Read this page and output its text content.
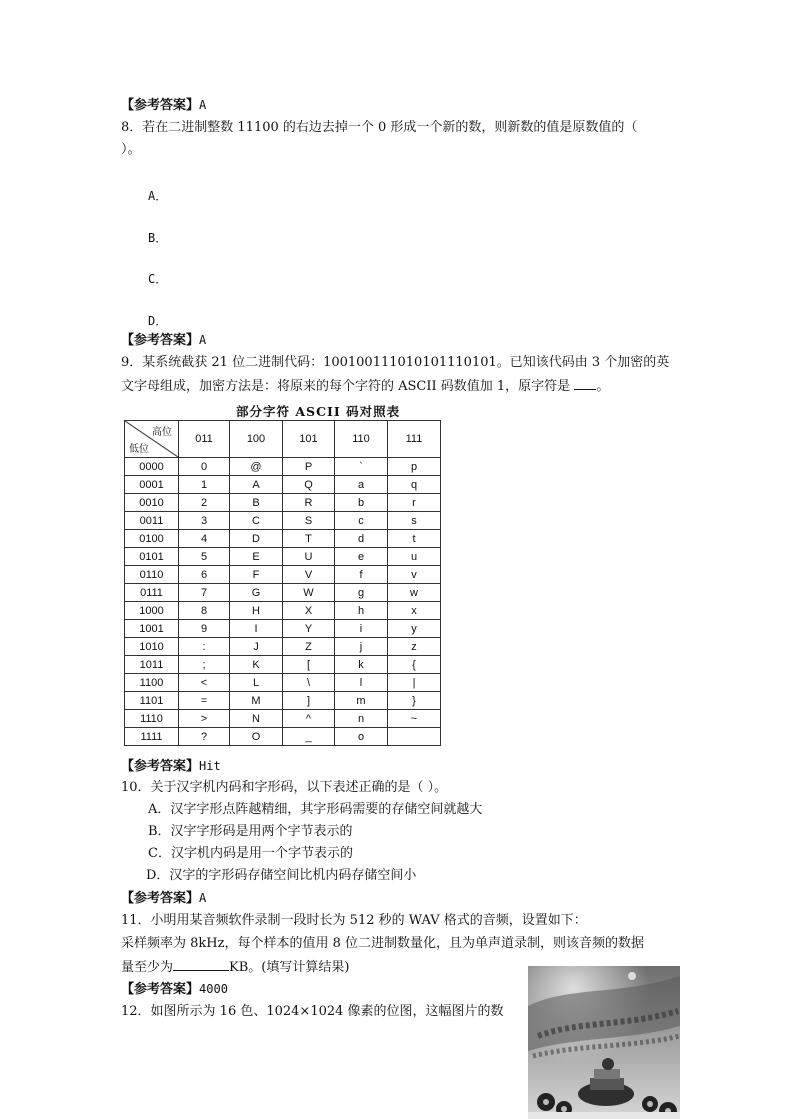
【参考答案】A
8．若在二进制整数 11100 的右边去掉一个 0 形成一个新的数，则新数的值是原数值的（
）。
A．
B．
C．
D．
【参考答案】A
9．某系统截获 21 位二进制代码：100100111010101110101。已知该代码由 3 个加密的英
文字母组成，加密方法是：将原来的每个字符的 ASCII 码数值加 1，原字符是 。
部分字符 ASCII 码对照表
高位
低位	011	100	101	110	111
0000	0	@	P	`	p
0001	1	A	Q	a	q
0010	2	B	R	b	r
0011	3	C	S	c	s
0100	4	D	T	d	t
0101	5	E	U	e	u
0110	6	F	V	f	v
0111	7	G	W	g	w
1000	8	H	X	h	x
1001	9	I	Y	i	y
1010	:	J	Z	j	z
1011	;	K	[	k	{
1100	<	L	\	l	|
1101	=	M	]	m	}
1110	>	N	^	n	~
1111	?	O	_	o	
【参考答案】Hit
10．关于汉字机内码和字形码，以下表述正确的是（ ）。
A．汉字字形点阵越精细，其字形码需要的存储空间就越大
B．汉字字形码是用两个字节表示的
C．汉字机内码是用一个字节表示的
D．汉字的字形码存储空间比机内码存储空间小
【参考答案】A
11．小明用某音频软件录制一段时长为 512 秒的 WAV 格式的音频，设置如下：
采样频率为 8kHz，每个样本的值用 8 位二进制数量化，且为单声道录制，则该音频的数据
量至少为	KB。(填写计算结果)
【参考答案】4000
12．如图所示为 16 色、1024×1024 像素的位图，这幅图片的数
